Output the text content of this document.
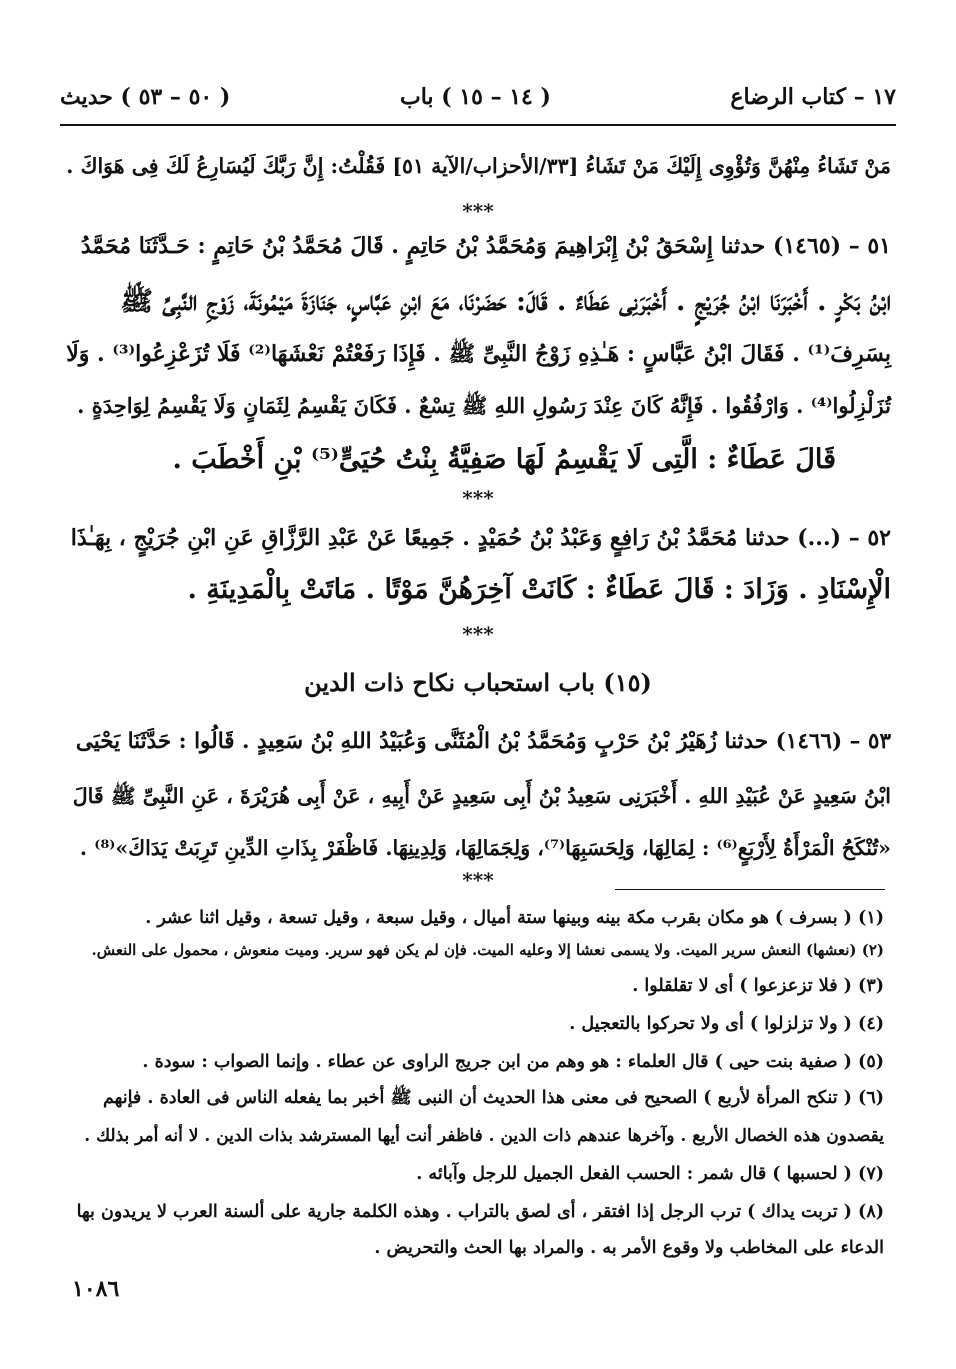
١٧ – كتاب الرضاع
( ١٤ – ١٥ ) باب
( ٥٠ – ٥٣ ) حديث
مَنْ تَشَاءُ مِنْهُنَّ وَتُؤْوِى إِلَيْكَ مَنْ تَشَاءُ [٣٣/الأحزاب/الآية ٥١] فَقُلْتُ: إِنَّ رَبَّكَ لَيُسَارِعُ لَكَ فِى هَوَاكَ .
***
٥١ – (١٤٦٥) حدثنا إِسْحَقُ بْنُ إِبْرَاهِيمَ وَمُحَمَّدُ بْنُ حَاتِمٍ . قَالَ مُحَمَّدُ بْنُ حَاتِمٍ : حَـدَّثَنَا مُحَمَّدُ
ابْنُ بَكْرٍ . أَخْبَرَنَا ابْنُ جُرَيْجٍ . أَخْبَرَنِى عَطَاءٌ . قَالَ: حَضَرْنَا، مَعَ ابْنِ عَبَّاسٍ، جَنَازَةَ مَيْمُونَةَ، زَوْجِ النَّبِىِّ ﷺ
بِسَرِفَ⁽¹⁾ . فَقَالَ ابْنُ عَبَّاسٍ : هَـٰذِهِ زَوْجُ النَّبِىِّ ﷺ . فَإِذَا رَفَعْتُمْ نَعْشَهَا⁽²⁾ فَلَا تُزَعْزِعُوا⁽³⁾ . وَلَا
تُزَلْزِلُوا⁽⁴⁾ . وَارْفُقُوا . فَإِنَّهُ كَانَ عِنْدَ رَسُولِ اللهِ ﷺ تِسْعٌ . فَكَانَ يَقْسِمُ لِثَمَانٍ وَلَا يَقْسِمُ لِوَاحِدَةٍ .
قَالَ عَطَاءٌ : الَّتِى لَا يَقْسِمُ لَهَا صَفِيَّةُ بِنْتُ حُيَىٍّ⁽⁵⁾ بْنِ أَخْطَبَ .
***
٥٢ – (...) حدثنا مُحَمَّدُ بْنُ رَافِعٍ وَعَبْدُ بْنُ حُمَيْدٍ . جَمِيعًا عَنْ عَبْدِ الرَّزَّاقِ عَنِ ابْنِ جُرَيْجٍ ، بِهَـٰذَا
الْإِسْنَادِ . وَزَادَ : قَالَ عَطَاءٌ : كَانَتْ آخِرَهُنَّ مَوْتًا . مَاتَتْ بِالْمَدِينَةِ .
***
(١٥) باب استحباب نكاح ذات الدين
٥٣ – (١٤٦٦) حدثنا زُهَيْرُ بْنُ حَرْبٍ وَمُحَمَّدُ بْنُ الْمُثَنَّى وَعُبَيْدُ اللهِ بْنُ سَعِيدٍ . قَالُوا : حَدَّثَنَا يَحْيَى
ابْنُ سَعِيدٍ عَنْ عُبَيْدِ اللهِ . أَخْبَرَنِى سَعِيدُ بْنُ أَبِى سَعِيدٍ عَنْ أَبِيهِ ، عَنْ أَبِى هُرَيْرَةَ ، عَنِ النَّبِىِّ ﷺ قَالَ
«تُنْكَحُ الْمَرْأَةُ لِأَرْبَعٍ⁽⁶⁾ : لِمَالِهَا، وَلِحَسَبِهَا⁽⁷⁾، وَلِجَمَالِهَا، وَلِدِينِهَا. فَاظْفَرْ بِذَاتِ الدِّينِ تَرِبَتْ يَدَاكَ»⁽⁸⁾ .
***
(١) ( بسرف ) هو مكان بقرب مكة بينه وبينها ستة أميال ، وقيل سبعة ، وقيل تسعة ، وقيل اثنا عشر .
(٢) (نعشها) النعش سرير الميت. ولا يسمى نعشا إلا وعليه الميت. فإن لم يكن فهو سرير. وميت منعوش ، محمول على النعش.
(٣) ( فلا تزعزعوا ) أى لا تقلقلوا .
(٤) ( ولا تزلزلوا ) أى ولا تحركوا بالتعجيل .
(٥) ( صفية بنت حيى ) قال العلماء : هو وهم من ابن جريج الراوى عن عطاء . وإنما الصواب : سودة .
(٦) ( تنكح المرأة لأربع ) الصحيح فى معنى هذا الحديث أن النبى ﷺ أخبر بما يفعله الناس فى العادة . فإنهم
يقصدون هذه الخصال الأربع . وآخرها عندهم ذات الدين . فاظفر أنت أيها المسترشد بذات الدين . لا أنه أمر بذلك .
(٧) ( لحسبها ) قال شمر : الحسب الفعل الجميل للرجل وآبائه .
(٨) ( تربت يداك ) ترب الرجل إذا افتقر ، أى لصق بالتراب . وهذه الكلمة جارية على ألسنة العرب لا يريدون بها
الدعاء على المخاطب ولا وقوع الأمر به . والمراد بها الحث والتحريض .
١٠٨٦
